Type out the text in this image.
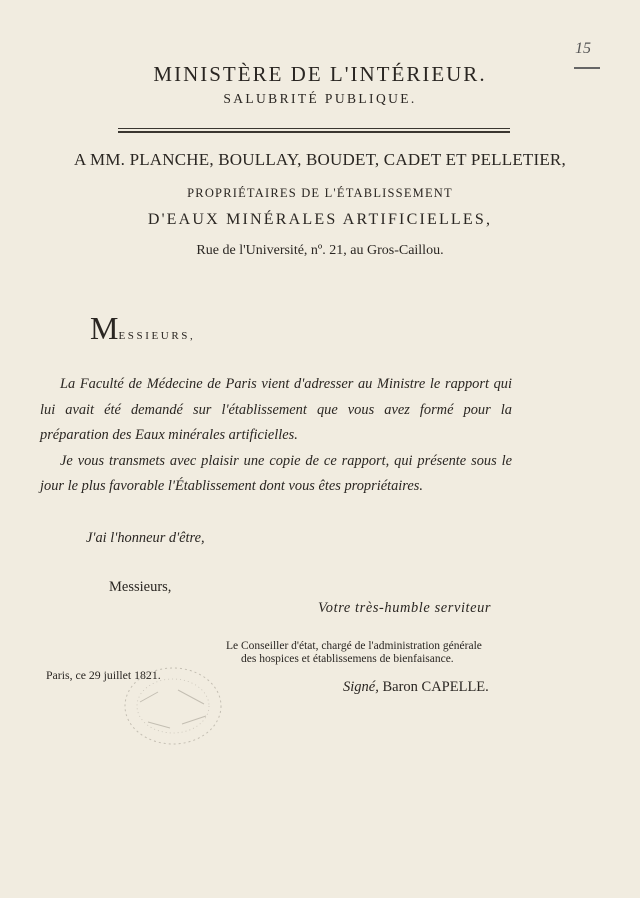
15
MINISTÈRE DE L'INTÉRIEUR.
SALUBRITÉ PUBLIQUE.
A MM. PLANCHE, BOULLAY, BOUDET, CADET ET PELLETIER,
PROPRIÉTAIRES DE L'ÉTABLISSEMENT
D'EAUX MINÉRALES ARTIFICIELLES,
Rue de l'Université, nº. 21, au Gros-Caillou.
MESSIEURS,

La Faculté de Médecine de Paris vient d'adresser au Ministre le rapport qui lui avait été demandé sur l'établissement que vous avez formé pour la préparation des Eaux minérales artificielles.

Je vous transmets avec plaisir une copie de ce rapport, qui présente sous le jour le plus favorable l'Établissement dont vous êtes propriétaires.

J'ai l'honneur d'être,
Messieurs,
Votre très-humble serviteur
Le Conseiller d'état, chargé de l'administration générale
des hospices et établissemens de bienfaisance.
Paris, ce 29 juillet 1821.
Signé, Baron CAPELLE.
